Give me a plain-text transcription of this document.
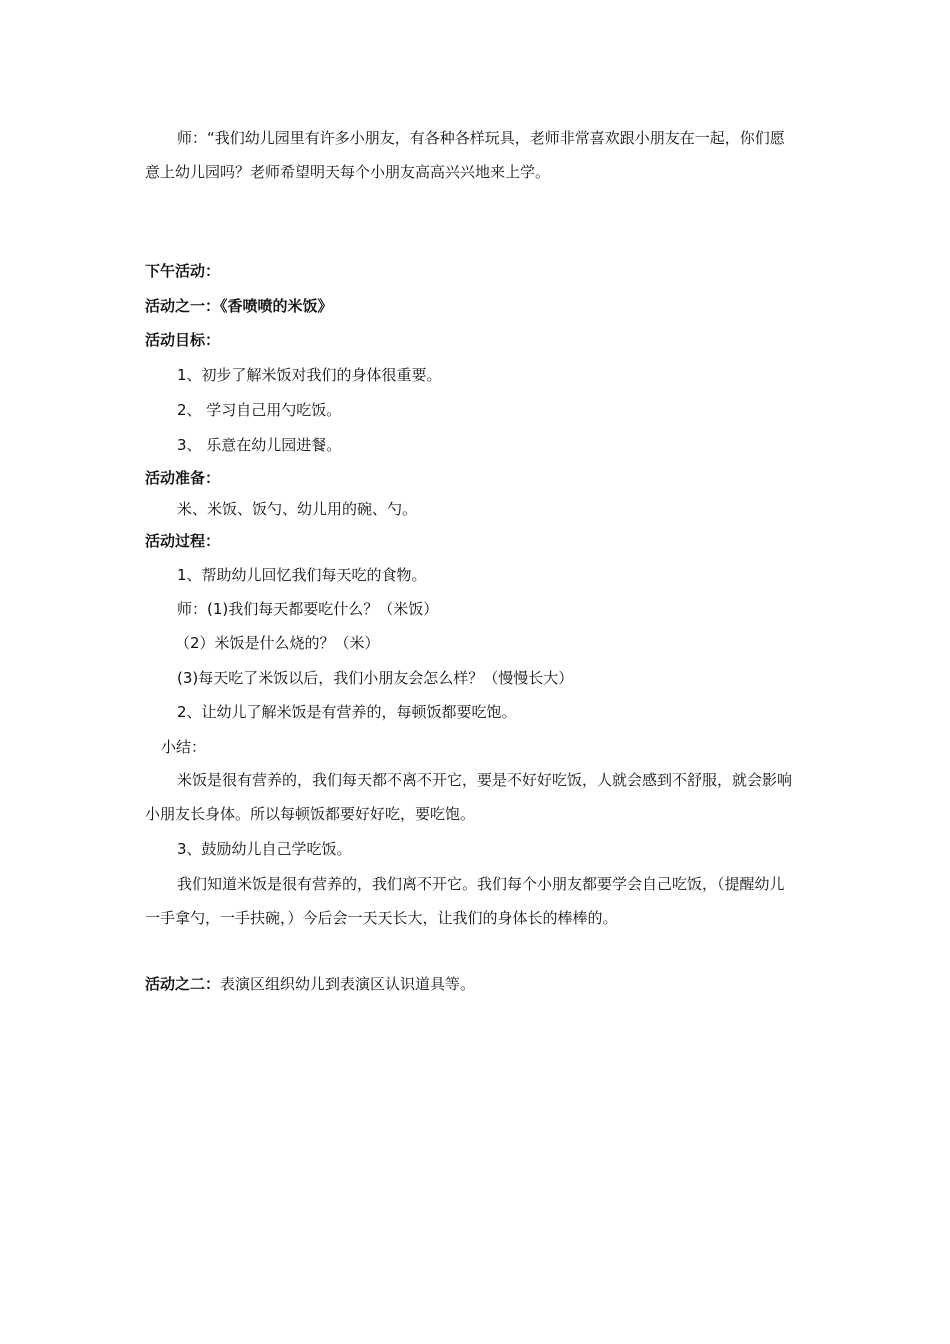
师：“我们幼儿园里有许多小朋友，有各种各样玩具，老师非常喜欢跟小朋友在一起，你们愿
意上幼儿园吗？老师希望明天每个小朋友高高兴兴地来上学。
下午活动：
活动之一：《香喷喷的米饭》
活动目标：
1、初步了解米饭对我们的身体很重要。
2、 学习自己用勺吃饭。
3、 乐意在幼儿园进餐。
活动准备：
米、米饭、饭勺、幼儿用的碗、勺。
活动过程：
1、帮助幼儿回忆我们每天吃的食物。
师：(1)我们每天都要吃什么？（米饭）
（2）米饭是什么烧的？（米）
(3)每天吃了米饭以后，我们小朋友会怎么样？（慢慢长大）
2、让幼儿了解米饭是有营养的，每顿饭都要吃饱。
小结：
米饭是很有营养的，我们每天都不离不开它，要是不好好吃饭，人就会感到不舒服，就会影响
小朋友长身体。所以每顿饭都要好好吃，要吃饱。
3、鼓励幼儿自己学吃饭。
我们知道米饭是很有营养的，我们离不开它。我们每个小朋友都要学会自己吃饭，（提醒幼儿
一手拿勺，一手扶碗，）今后会一天天长大，让我们的身体长的棒棒的。
活动之二：表演区组织幼儿到表演区认识道具等。
